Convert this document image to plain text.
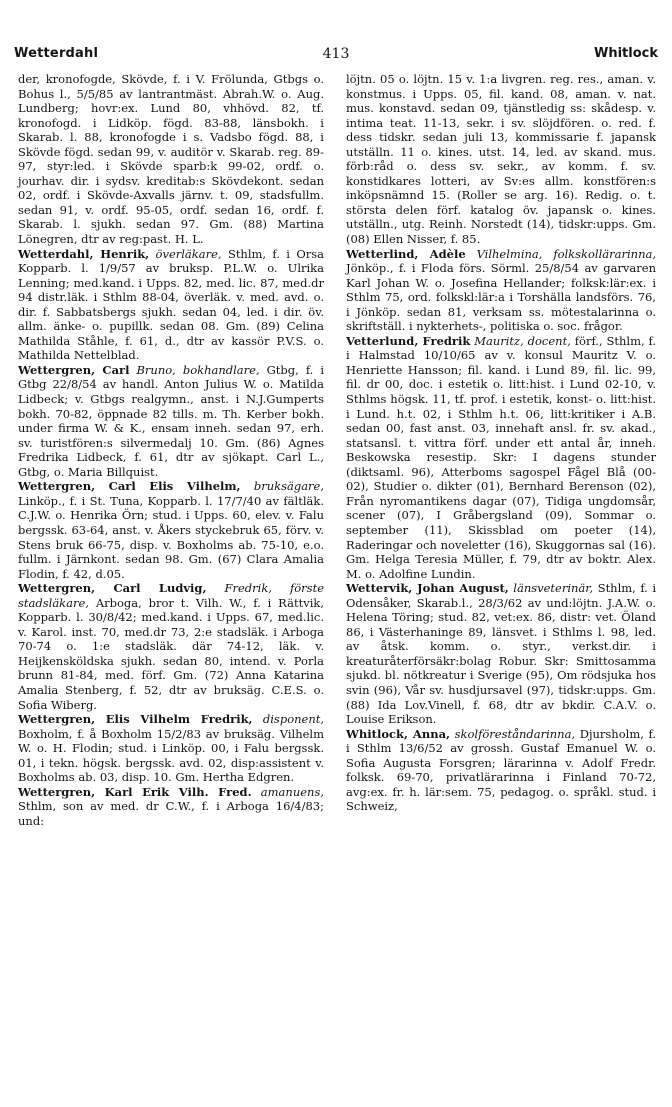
Wetterdahl	413	Whitlock

der, kronofogde, Skövde, f. i V. Frölunda, Gtbgs o. Bohus l., 5/5/85 av lantrantmäst. Abrah.W. o. Aug. Lundberg; hovr:ex. Lund 80, vhhövd. 82, tf. kronofogd. i Lidköp. fögd. 83-88, länsbokh. i Skarab. l. 88, kronofogde i s. Vadsbo fögd. 88, i Skövde fögd. sedan 99, v. auditör v. Skarab. reg. 89-97, styr:led. i Skövde sparb:k 99-02, ordf. o. jourhav. dir. i sydsv. kreditab:s Skövdekont. sedan 02, ordf. i Skövde-Axvalls järnv. t. 09, stadsfullm. sedan 91, v. ordf. 95-05, ordf. sedan 16, ordf. f. Skarab. l. sjukh. sedan 97. Gm. (88) Martina Lönegren, dtr av reg:past. H. L.

Wetterdahl, Henrik, överläkare, Sthlm, f. i Orsa Kopparb. l. 1/9/57 av bruksp. P.L.W. o. Ulrika Lenning; med.kand. i Upps. 82, med. lic. 87, med.dr 94 distr.läk. i Sthlm 88-04, överläk. v. med. avd. o. dir. f. Sabbatsbergs sjukh. sedan 04, led. i dir. öv. allm. änke- o. pupillk. sedan 08. Gm. (89) Celina Mathilda Ståhle, f. 61, d., dtr av kassör P.V.S. o. Mathilda Nettelblad.

Wettergren, Carl Bruno, bokhandlare, Gtbg, f. i Gtbg 22/8/54 av handl. Anton Julius W. o. Matilda Lidbeck; v. Gtbgs realgymn., anst. i N.J.Gumperts bokh. 70-82, öppnade 82 tills. m. Th. Kerber bokh. under firma W. & K., ensam inneh. sedan 97, erh. sv. turistfören:s silvermedalj 10. Gm. (86) Agnes Fredrika Lidbeck, f. 61, dtr av sjökapt. Carl L., Gtbg, o. Maria Billquist.

Wettergren, Carl Elis Vilhelm, bruksägare, Linköp., f. i St. Tuna, Kopparb. l. 17/7/40 av fältläk. C.J.W. o. Henrika Örn; stud. i Upps. 60, elev. v. Falu bergssk. 63-64, anst. v. Åkers styckebruk 65, förv. v. Stens bruk 66-75, disp. v. Boxholms ab. 75-10, e.o. fullm. i Järnkont. sedan 98. Gm. (67) Clara Amalia Flodin, f. 42, d.05.

Wettergren, Carl Ludvig, Fredrik, förste stadsläkare, Arboga, bror t. Vilh. W., f. i Rättvik, Kopparb. l. 30/8/42; med.kand. i Upps. 67, med.lic. v. Karol. inst. 70, med.dr 73, 2:e stadsläk. i Arboga 70-74 o. 1:e stadsläk. där 74-12, läk. v. Heijkensköldska sjukh. sedan 80, intend. v. Porla brunn 81-84, med. förf. Gm. (72) Anna Katarina Amalia Stenberg, f. 52, dtr av bruksäg. C.E.S. o. Sofia Wiberg.

Wettergren, Elis Vilhelm Fredrik, disponent, Boxholm, f. å Boxholm 15/2/83 av bruksäg. Vilhelm W. o. H. Flodin; stud. i Linköp. 00, i Falu bergssk. 01, i tekn. högsk. bergssk. avd. 02, disp:assistent v. Boxholms ab. 03, disp. 10. Gm. Hertha Edgren.

Wettergren, Karl Erik Vilh. Fred. amanuens, Sthlm, son av med. dr C.W., f. i Arboga 16/4/83; und:

löjtn. 05 o. löjtn. 15 v. 1:a livgren. reg. res., aman. v. konstmus. i Upps. 05, fil. kand. 08, aman. v. nat. mus. konstavd. sedan 09, tjänstledig ss: skådesp. v. intima teat. 11-13, sekr. i sv. slöjdfören. o. red. f. dess tidskr. sedan juli 13, kommissarie f. japansk utställn. 11 o. kines. utst. 14, led. av skand. mus. förb:råd o. dess sv. sekr., av komm. f. sv. konstidkares lotteri, av Sv:es allm. konstfören:s inköpsnämnd 15. (Roller se arg. 16). Redig. o. t. största delen förf. katalog öv. japansk o. kines. utställn., utg. Reinh. Norstedt (14), tidskr:upps. Gm. (08) Ellen Nisser, f. 85.

Wetterlind, Adèle Vilhelmina, folkskollärarinna, Jönköp., f. i Floda förs. Sörml. 25/8/54 av garvaren Karl Johan W. o. Josefina Hellander; folksk:lär:ex. i Sthlm 75, ord. folkskl:lär:a i Torshälla landsförs. 76, i Jönköp. sedan 81, verksam ss. mötestalarinna o. skriftställ. i nykterhets-, politiska o. soc. frågor.

Vetterlund, Fredrik Mauritz, docent, förf., Sthlm, f. i Halmstad 10/10/65 av v. konsul Mauritz V. o. Henriette Hansson; fil. kand. i Lund 89, fil. lic. 99, fil. dr 00, doc. i estetik o. litt:hist. i Lund 02-10, v. Sthlms högsk. 11, tf. prof. i estetik, konst- o. litt:hist. i Lund. h.t. 02, i Sthlm h.t. 06, litt:kritiker i A.B. sedan 00, fast anst. 03, innehaft ansl. fr. sv. akad., statsansl. t. vittra förf. under ett antal år, inneh. Beskowska resestip. Skr: I dagens stunder (diktsaml. 96), Atterboms sagospel Fågel Blå (00-02), Studier o. dikter (01), Bernhard Berenson (02), Från nyromantikens dagar (07), Tidiga ungdomsår, scener (07), I Gråbergsland (09), Sommar o. september (11), Skissblad om poeter (14), Raderingar och noveletter (16), Skuggornas sal (16). Gm. Helga Teresia Müller, f. 79, dtr av boktr. Alex. M. o. Adolfine Lundin.

Wettervik, Johan August, länsveterinär, Sthlm, f. i Odensåker, Skarab.l., 28/3/62 av und:löjtn. J.A.W. o. Helena Töring; stud. 82, vet:ex. 86, distr: vet. Öland 86, i Västerhaninge 89, länsvet. i Sthlms l. 98, led. av åtsk. komm. o. styr., verkst.dir. i kreaturåterförsäkr:bolag Robur. Skr: Smittosamma sjukd. bl. nötkreatur i Sverige (95), Om rödsjuka hos svin (96), Vår sv. husdjursavel (97), tidskr:upps. Gm. (88) Ida Lov.Vinell, f. 68, dtr av bkdir. C.A.V. o. Louise Erikson.

Whitlock, Anna, skolföreståndarinna, Djursholm, f. i Sthlm 13/6/52 av grossh. Gustaf Emanuel W. o. Sofia Augusta Forsgren; lärarinna v. Adolf Fredr. folksk. 69-70, privatlärarinna i Finland 70-72, avg:ex. fr. h. lär:sem. 75, pedagog. o. språkl. stud. i Schweiz,
